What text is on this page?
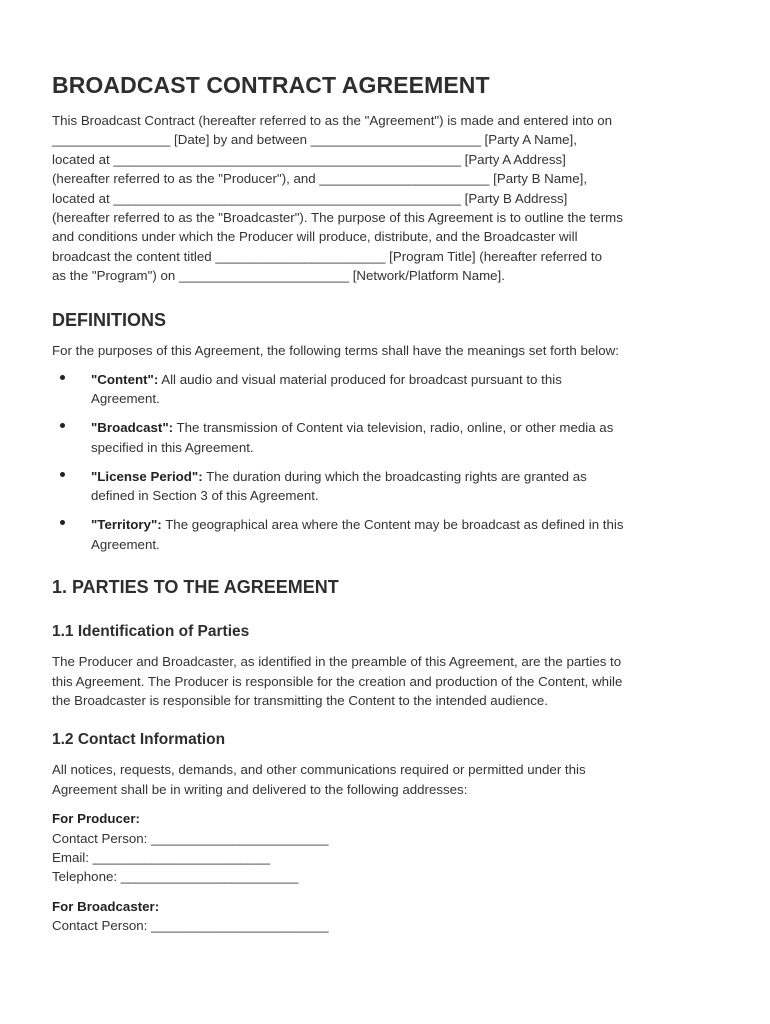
BROADCAST CONTRACT AGREEMENT

This Broadcast Contract (hereafter referred to as the "Agreement") is made and entered into on
________________ [Date] by and between _______________________ [Party A Name],
located at _______________________________________________ [Party A Address]
(hereafter referred to as the "Producer"), and _______________________ [Party B Name],
located at _______________________________________________ [Party B Address]
(hereafter referred to as the "Broadcaster"). The purpose of this Agreement is to outline the terms
and conditions under which the Producer will produce, distribute, and the Broadcaster will
broadcast the content titled _______________________ [Program Title] (hereafter referred to
as the "Program") on _______________________ [Network/Platform Name].

DEFINITIONS

For the purposes of this Agreement, the following terms shall have the meanings set forth below:

"Content": All audio and visual material produced for broadcast pursuant to this
Agreement.
"Broadcast": The transmission of Content via television, radio, online, or other media as
specified in this Agreement.
"License Period": The duration during which the broadcasting rights are granted as
defined in Section 3 of this Agreement.
"Territory": The geographical area where the Content may be broadcast as defined in this
Agreement.
1. PARTIES TO THE AGREEMENT
1.1 Identification of Parties

The Producer and Broadcaster, as identified in the preamble of this Agreement, are the parties to
this Agreement. The Producer is responsible for the creation and production of the Content, while
the Broadcaster is responsible for transmitting the Content to the intended audience.

1.2 Contact Information

All notices, requests, demands, and other communications required or permitted under this
Agreement shall be in writing and delivered to the following addresses:

For Producer:
Contact Person: ________________________
Email: ________________________
Telephone: ________________________
For Broadcaster:
Contact Person: ________________________
